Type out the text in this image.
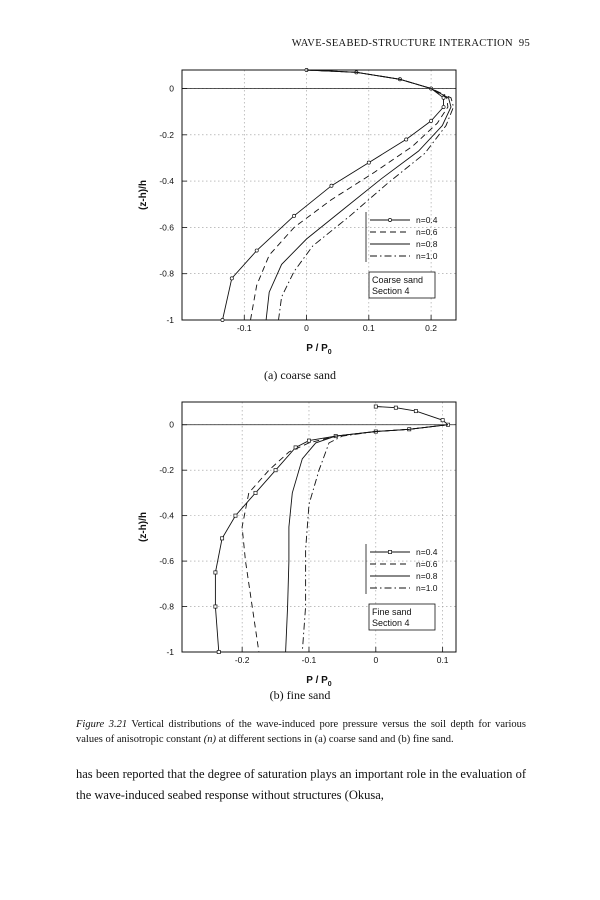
WAVE-SEABED-STRUCTURE INTERACTION 95
-0.1	0	0.1	0.2
0
-0.2
-0.4
-0.6
-0.8
-1
P / $P_0$
(z-h)/h
n=0.4
n=0.6
n=0.8
n=1.0
Coarse sand
Section 4
(a) coarse sand
-0.2	-0.1	0	0.1
0
-0.2
-0.4
-0.6
-0.8
-1
P / $P_0$
(z-h)/h
n=0.4
n=0.6
n=0.8
n=1.0
Fine sand
Section 4
(b) fine sand
Figure 3.21 Vertical distributions of the wave-induced pore pressure versus the soil depth for various values of anisotropic constant (n) at different sections in (a) coarse sand and (b) fine sand.
has been reported that the degree of saturation plays an important role in the evaluation of the wave-induced seabed response without structures (Okusa,
